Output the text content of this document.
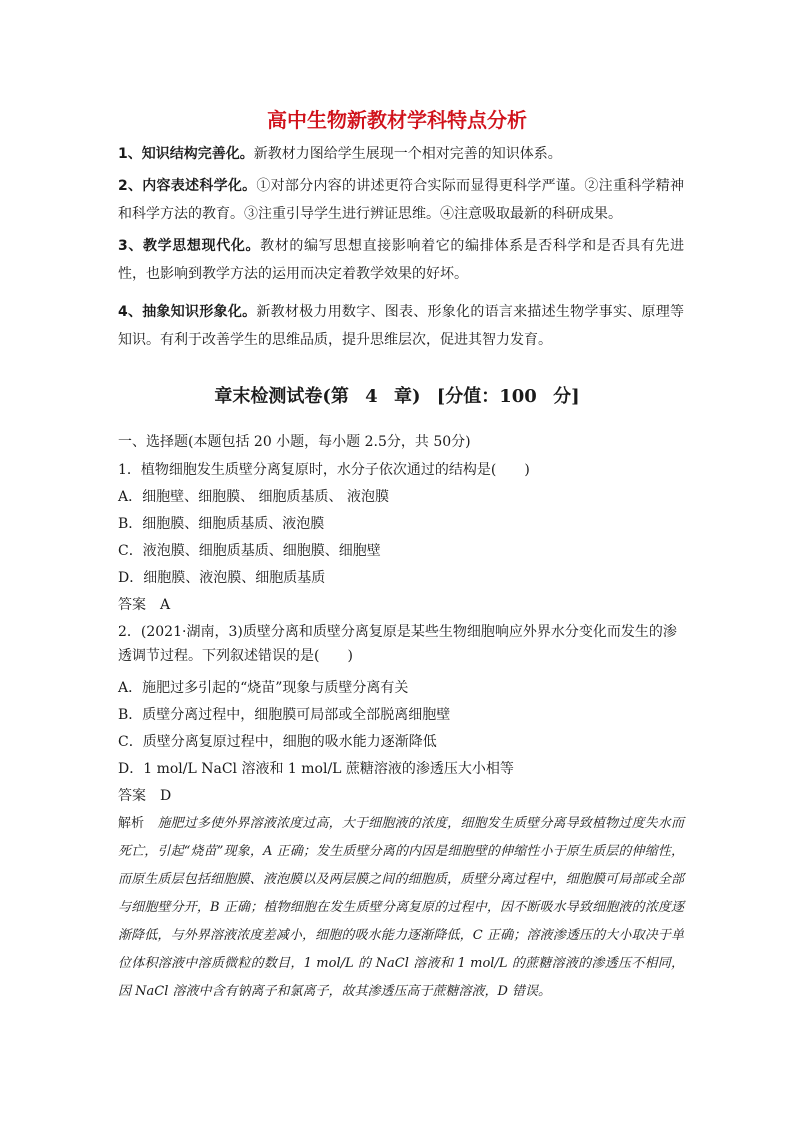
高中生物新教材学科特点分析
1、知识结构完善化。新教材力图给学生展现一个相对完善的知识体系。
2、内容表述科学化。①对部分内容的讲述更符合实际而显得更科学严谨。②注重科学精神和科学方法的教育。③注重引导学生进行辨证思维。④注意吸取最新的科研成果。
3、教学思想现代化。教材的编写思想直接影响着它的编排体系是否科学和是否具有先进性，也影响到教学方法的运用而决定着教学效果的好坏。
4、抽象知识形象化。新教材极力用数字、图表、形象化的语言来描述生物学事实、原理等知识。有利于改善学生的思维品质，提升思维层次，促进其智力发育。
章末检测试卷(第 4 章) [分值：100 分]
一、选择题(本题包括 20 小题，每小题 2.5分，共 50分)
1．植物细胞发生质壁分离复原时，水分子依次通过的结构是(　　)
A．细胞壁、细胞膜、 细胞质基质、 液泡膜
B．细胞膜、细胞质基质、液泡膜
C．液泡膜、细胞质基质、细胞膜、细胞壁
D．细胞膜、液泡膜、细胞质基质
答案　A
2．(2021·湖南，3)质壁分离和质壁分离复原是某些生物细胞响应外界水分变化而发生的渗透调节过程。下列叙述错误的是(　　)
A．施肥过多引起的“烧苗”现象与质壁分离有关
B．质壁分离过程中，细胞膜可局部或全部脱离细胞壁
C．质壁分离复原过程中，细胞的吸水能力逐渐降低
D．1 mol/L NaCl 溶液和 1 mol/L 蔗糖溶液的渗透压大小相等
答案　D
解析　 施肥过多使外界溶液浓度过高，大于细胞液的浓度，细胞发生质壁分离导致植物过度失水而死亡，引起“烧苗”现象，A 正确；发生质壁分离的内因是细胞壁的伸缩性小于原生质层的伸缩性，而原生质层包括细胞膜、液泡膜以及两层膜之间的细胞质，质壁分离过程中，细胞膜可局部或全部与细胞壁分开，B 正确；植物细胞在发生质壁分离复原的过程中，因不断吸水导致细胞液的浓度逐渐降低，与外界溶液浓度差减小，细胞的吸水能力逐渐降低，C 正确；溶液渗透压的大小取决于单位体积溶液中溶质微粒的数目，1 mol/L 的 NaCl 溶液和 1 mol/L 的蔗糖溶液的渗透压不相同，因 NaCl 溶液中含有钠离子和氯离子，故其渗透压高于蔗糖溶液，D 错误。
